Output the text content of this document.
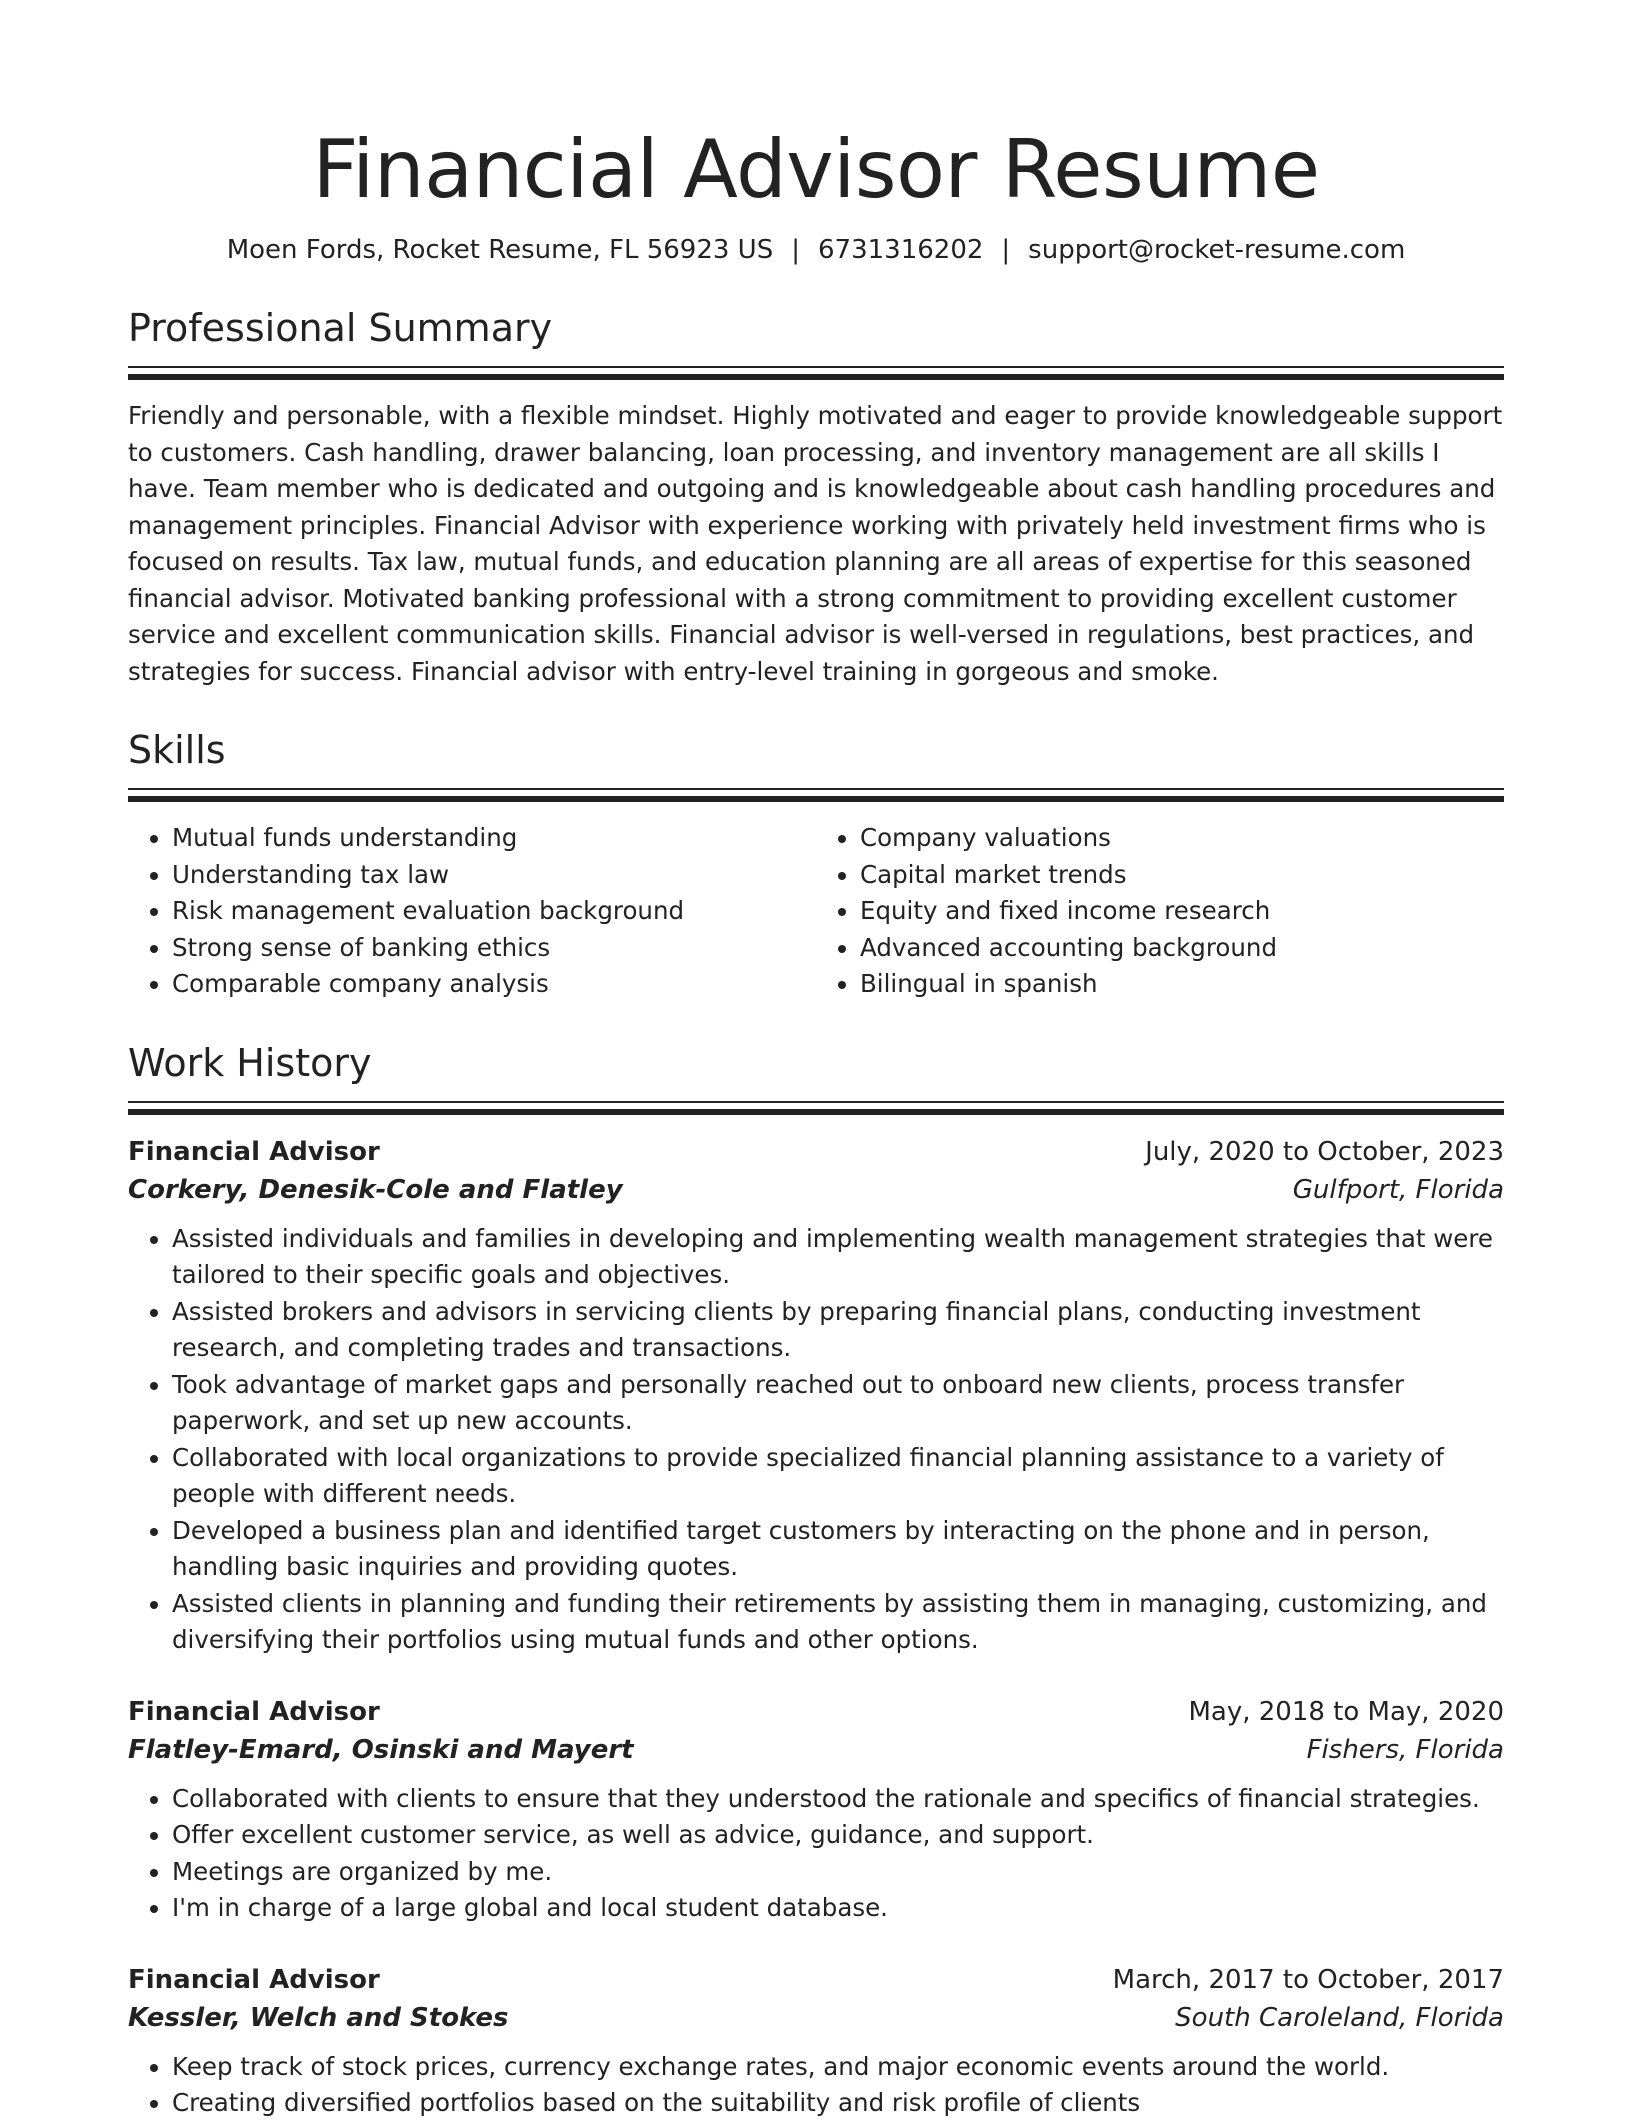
Financial Advisor Resume
Moen Fords, Rocket Resume, FL 56923 US | 6731316202 | support@rocket-resume.com
Professional Summary

Friendly and personable, with a flexible mindset. Highly motivated and eager to provide knowledgeable support to customers. Cash handling, drawer balancing, loan processing, and inventory management are all skills I have. Team member who is dedicated and outgoing and is knowledgeable about cash handling procedures and management principles. Financial Advisor with experience working with privately held investment firms who is focused on results. Tax law, mutual funds, and education planning are all areas of expertise for this seasoned financial advisor. Motivated banking professional with a strong commitment to providing excellent customer service and excellent communication skills. Financial advisor is well-versed in regulations, best practices, and strategies for success. Financial advisor with entry-level training in gorgeous and smoke.

Skills
• Mutual funds understanding
• Understanding tax law
• Risk management evaluation background
• Strong sense of banking ethics
• Comparable company analysis
• Company valuations
• Capital market trends
• Equity and fixed income research
• Advanced accounting background
• Bilingual in spanish
Work History
Financial Advisor	July, 2020 to October, 2023
Corkery, Denesik-Cole and Flatley	Gulfport, Florida
• Assisted individuals and families in developing and implementing wealth management strategies that were tailored to their specific goals and objectives.
• Assisted brokers and advisors in servicing clients by preparing financial plans, conducting investment research, and completing trades and transactions.
• Took advantage of market gaps and personally reached out to onboard new clients, process transfer paperwork, and set up new accounts.
• Collaborated with local organizations to provide specialized financial planning assistance to a variety of people with different needs.
• Developed a business plan and identified target customers by interacting on the phone and in person, handling basic inquiries and providing quotes.
• Assisted clients in planning and funding their retirements by assisting them in managing, customizing, and diversifying their portfolios using mutual funds and other options.
Financial Advisor	May, 2018 to May, 2020
Flatley-Emard, Osinski and Mayert	Fishers, Florida
• Collaborated with clients to ensure that they understood the rationale and specifics of financial strategies.
• Offer excellent customer service, as well as advice, guidance, and support.
• Meetings are organized by me.
• I'm in charge of a large global and local student database.
Financial Advisor	March, 2017 to October, 2017
Kessler, Welch and Stokes	South Caroleland, Florida
• Keep track of stock prices, currency exchange rates, and major economic events around the world.
• Creating diversified portfolios based on the suitability and risk profile of clients
